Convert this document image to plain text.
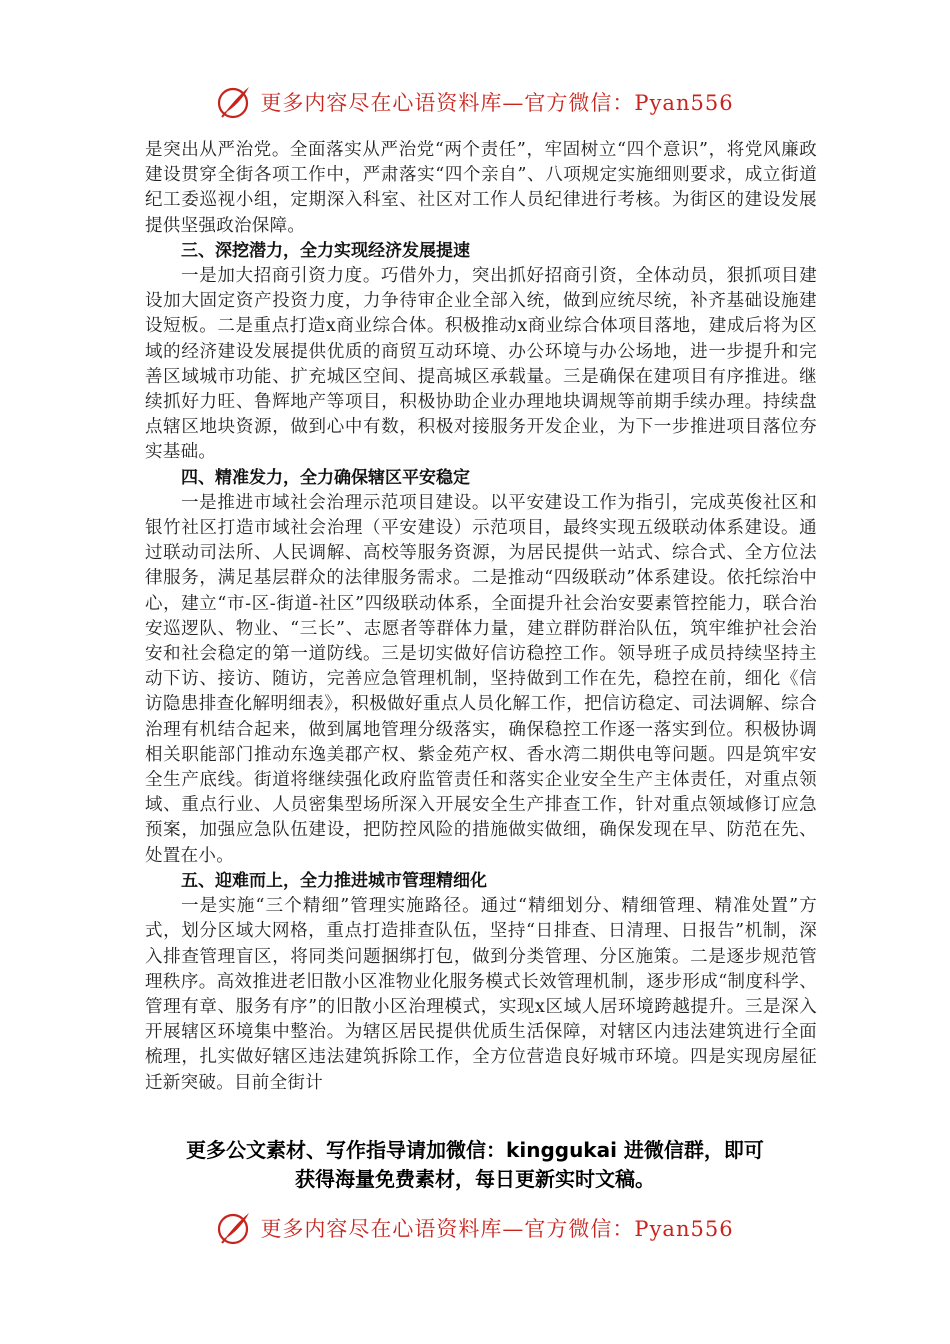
更多内容尽在心语资料库—官方微信：Pyan556

是突出从严治党。全面落实从严治党“两个责任”，牢固树立“四个意识”，将党风廉政建设贯穿全街各项工作中，严肃落实“四个亲自”、八项规定实施细则要求，成立街道纪工委巡视小组，定期深入科室、社区对工作人员纪律进行考核。为街区的建设发展提供坚强政治保障。

三、深挖潜力，全力实现经济发展提速

一是加大招商引资力度。巧借外力，突出抓好招商引资，全体动员，狠抓项目建设加大固定资产投资力度，力争待审企业全部入统，做到应统尽统，补齐基础设施建设短板。二是重点打造x商业综合体。积极推动x商业综合体项目落地，建成后将为区域的经济建设发展提供优质的商贸互动环境、办公环境与办公场地，进一步提升和完善区域城市功能、扩充城区空间、提高城区承载量。三是确保在建项目有序推进。继续抓好力旺、鲁辉地产等项目，积极协助企业办理地块调规等前期手续办理。持续盘点辖区地块资源，做到心中有数，积极对接服务开发企业，为下一步推进项目落位夯实基础。

四、精准发力，全力确保辖区平安稳定

一是推进市域社会治理示范项目建设。以平安建设工作为指引，完成英俊社区和银竹社区打造市域社会治理（平安建设）示范项目，最终实现五级联动体系建设。通过联动司法所、人民调解、高校等服务资源，为居民提供一站式、综合式、全方位法律服务，满足基层群众的法律服务需求。二是推动“四级联动”体系建设。依托综治中心，建立“市-区-街道-社区”四级联动体系，全面提升社会治安要素管控能力，联合治安巡逻队、物业、“三长”、志愿者等群体力量，建立群防群治队伍，筑牢维护社会治安和社会稳定的第一道防线。三是切实做好信访稳控工作。领导班子成员持续坚持主动下访、接访、随访，完善应急管理机制，坚持做到工作在先，稳控在前，细化《信访隐患排查化解明细表》，积极做好重点人员化解工作，把信访稳定、司法调解、综合治理有机结合起来，做到属地管理分级落实，确保稳控工作逐一落实到位。积极协调相关职能部门推动东逸美郡产权、紫金苑产权、香水湾二期供电等问题。四是筑牢安全生产底线。街道将继续强化政府监管责任和落实企业安全生产主体责任，对重点领域、重点行业、人员密集型场所深入开展安全生产排查工作，针对重点领域修订应急预案，加强应急队伍建设，把防控风险的措施做实做细，确保发现在早、防范在先、处置在小。

五、迎难而上，全力推进城市管理精细化

一是实施“三个精细”管理实施路径。通过“精细划分、精细管理、精准处置”方式，划分区域大网格，重点打造排查队伍，坚持“日排查、日清理、日报告”机制，深入排查管理盲区，将同类问题捆绑打包，做到分类管理、分区施策。二是逐步规范管理秩序。高效推进老旧散小区准物业化服务模式长效管理机制，逐步形成“制度科学、管理有章、服务有序”的旧散小区治理模式，实现x区域人居环境跨越提升。三是深入开展辖区环境集中整治。为辖区居民提供优质生活保障，对辖区内违法建筑进行全面梳理，扎实做好辖区违法建筑拆除工作，全方位营造良好城市环境。四是实现房屋征迁新突破。目前全街计

更多公文素材、写作指导请加微信：kinggukai 进微信群，即可
获得海量免费素材，每日更新实时文稿。
更多内容尽在心语资料库—官方微信：Pyan556
